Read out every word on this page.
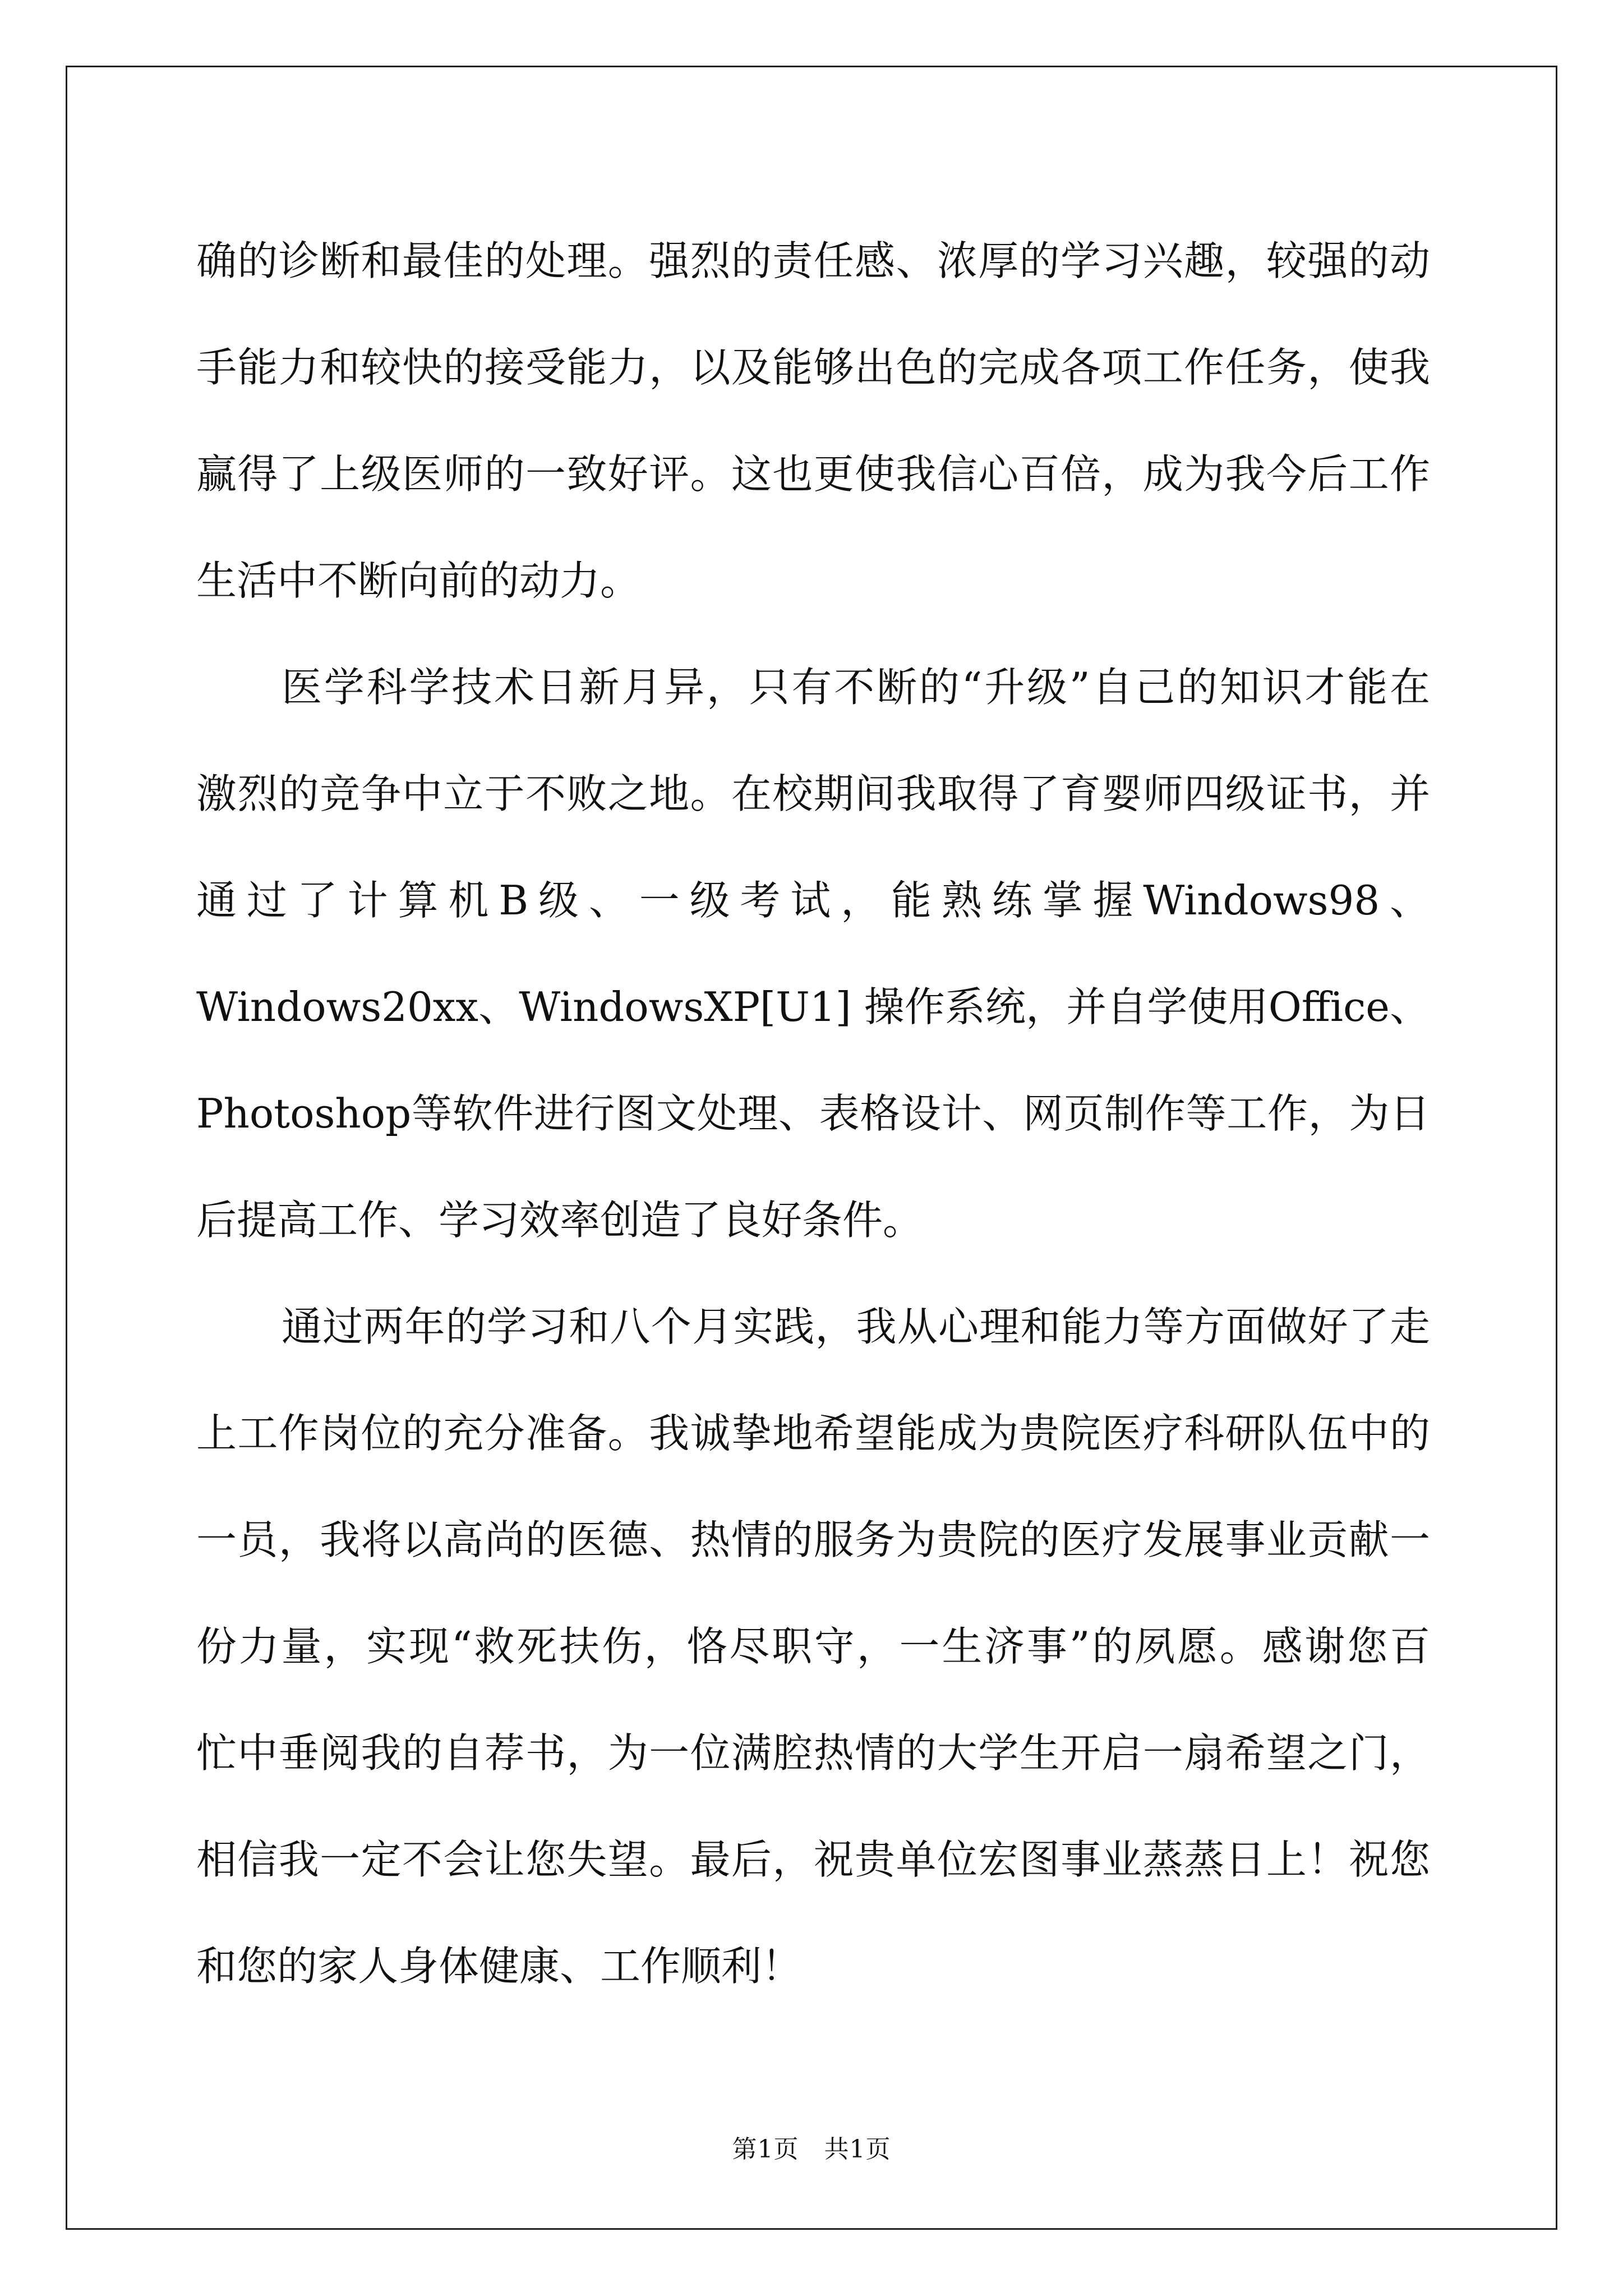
确的诊断和最佳的处理。强烈的责任感、浓厚的学习兴趣，较强的动
手能力和较快的接受能力，以及能够出色的完成各项工作任务，使我
赢得了上级医师的一致好评。这也更使我信心百倍，成为我今后工作
生活中不断向前的动力。
医学科学技术日新月异，只有不断的“升级”自己的知识才能在
激烈的竞争中立于不败之地。在校期间我取得了育婴师四级证书，并
通过了计算机B级、一级考试，能熟练掌握Windows98、
Windows20xx、WindowsXP[U1] 操作系统，并自学使用Office、
Photoshop等软件进行图文处理、表格设计、网页制作等工作，为日
后提高工作、学习效率创造了良好条件。
通过两年的学习和八个月实践，我从心理和能力等方面做好了走
上工作岗位的充分准备。我诚挚地希望能成为贵院医疗科研队伍中的
一员，我将以高尚的医德、热情的服务为贵院的医疗发展事业贡献一
份力量，实现“救死扶伤，恪尽职守，一生济事”的夙愿。感谢您百
忙中垂阅我的自荐书，为一位满腔热情的大学生开启一扇希望之门，
相信我一定不会让您失望。最后，祝贵单位宏图事业蒸蒸日上！祝您
和您的家人身体健康、工作顺利！
第1页　共1页
